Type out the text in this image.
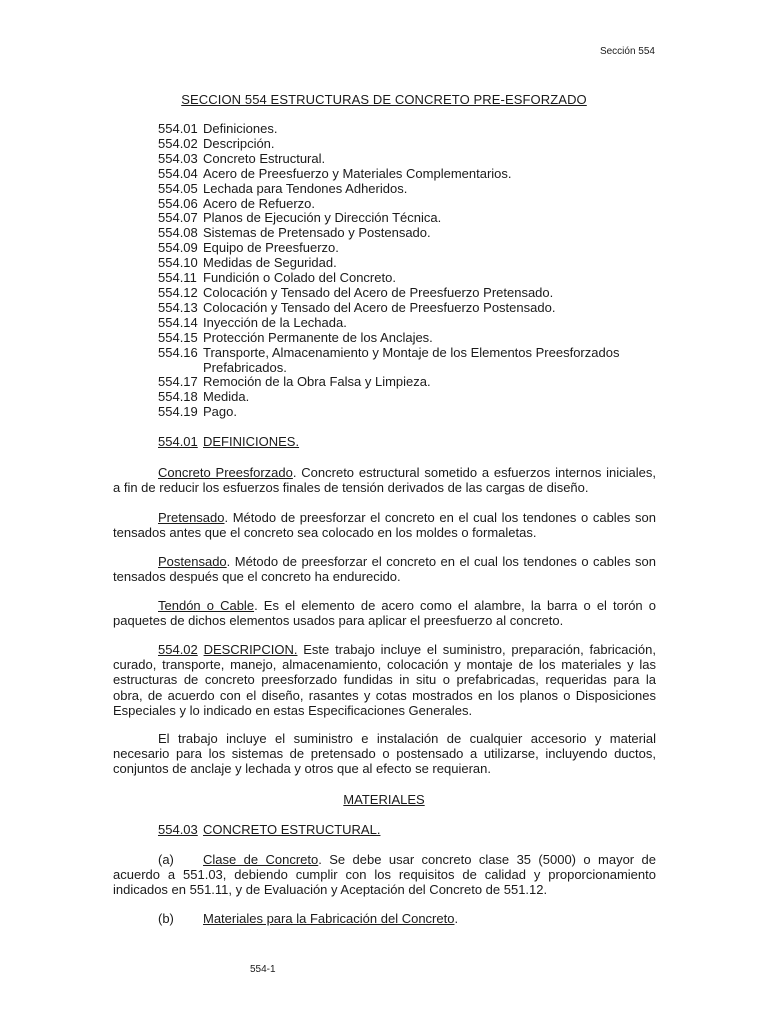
Sección 554
SECCION 554 ESTRUCTURAS DE CONCRETO PRE-ESFORZADO
554.01 Definiciones.
554.02 Descripción.
554.03 Concreto Estructural.
554.04 Acero de Preesfuerzo y Materiales Complementarios.
554.05 Lechada para Tendones Adheridos.
554.06 Acero de Refuerzo.
554.07 Planos de Ejecución y Dirección Técnica.
554.08 Sistemas de Pretensado y Postensado.
554.09 Equipo de Preesfuerzo.
554.10 Medidas de Seguridad.
554.11 Fundición o Colado del Concreto.
554.12 Colocación y Tensado del Acero de Preesfuerzo Pretensado.
554.13 Colocación y Tensado del Acero de Preesfuerzo Postensado.
554.14 Inyección de la Lechada.
554.15 Protección Permanente de los Anclajes.
554.16 Transporte, Almacenamiento y Montaje de los Elementos Preesforzados Prefabricados.
554.17 Remoción de la Obra Falsa y Limpieza.
554.18 Medida.
554.19 Pago.
554.01 DEFINICIONES.

Concreto Preesforzado. Concreto estructural sometido a esfuerzos internos iniciales, a fin de reducir los esfuerzos finales de tensión derivados de las cargas de diseño.

Pretensado. Método de preesforzar el concreto en el cual los tendones o cables son tensados antes que el concreto sea colocado en los moldes o formaletas.

Postensado. Método de preesforzar el concreto en el cual los tendones o cables son tensados después que el concreto ha endurecido.

Tendón o Cable. Es el elemento de acero como el alambre, la barra o el torón o paquetes de dichos elementos usados para aplicar el preesfuerzo al concreto.

554.02 DESCRIPCION. Este trabajo incluye el suministro, preparación, fabricación, curado, transporte, manejo, almacenamiento, colocación y montaje de los materiales y las estructuras de concreto preesforzado fundidas in situ o prefabricadas, requeridas para la obra, de acuerdo con el diseño, rasantes y cotas mostrados en los planos o Disposiciones Especiales y lo indicado en estas Especificaciones Generales.

El trabajo incluye el suministro e instalación de cualquier accesorio y material necesario para los sistemas de pretensado o postensado a utilizarse, incluyendo ductos, conjuntos de anclaje y lechada y otros que al efecto se requieran.

MATERIALES
554.03 CONCRETO ESTRUCTURAL.

(a) Clase de Concreto. Se debe usar concreto clase 35 (5000) o mayor de acuerdo a 551.03, debiendo cumplir con los requisitos de calidad y proporcionamiento indicados en 551.11, y de Evaluación y Aceptación del Concreto de 551.12.

(b) Materiales para la Fabricación del Concreto.
554-1
